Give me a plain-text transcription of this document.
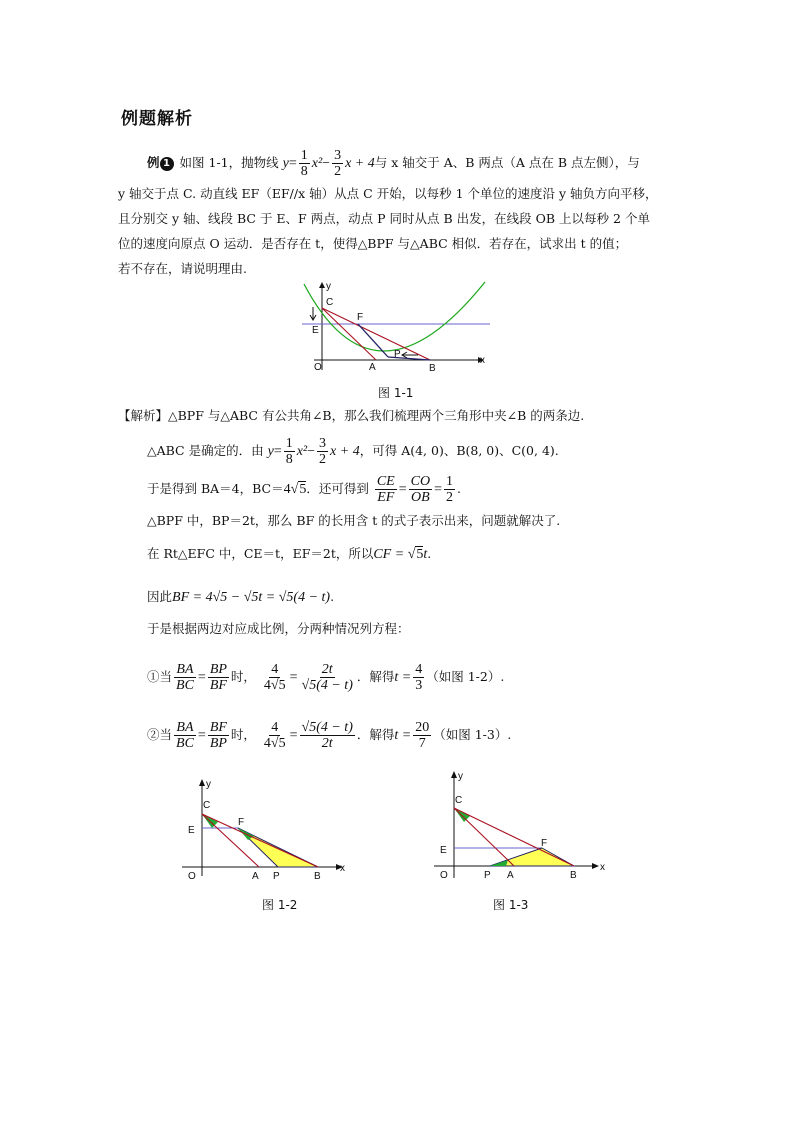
例题解析
例 1 如图 1-1，抛物线 $y= \frac{1}{8} x^2- \frac{3}{2}$ x + 4与 x 轴交于 A、B 两点（A 点在 B 点左侧），与
y 轴交于点 C. 动直线 EF（EF//x 轴）从点 C 开始，以每秒 1 个单位的速度沿 y 轴负方向平移，
且分别交 y 轴、线段 BC 于 E、F 两点，动点 P 同时从点 B 出发，在线段 OB 上以每秒 2 个单
位的速度向原点 O 运动．是否存在 t，使得△BPF 与△ABC 相似．若存在，试求出 t 的值；
若不存在，请说明理由.
y
C
F
E
P
O	A	B
x
图 1-1
【解析】△BPF 与△ABC 有公共角∠B，那么我们梳理两个三角形中夹∠B 的两条边.
△ABC 是确定的．由 $y= \frac{1}{8} x^2- \frac{3}{2}$ x + 4，可得 A(4, 0)、B(8, 0)、C(0, 4).
于是得到 BA＝4，BC＝4√5．还可得到 $\frac{CE}{EF} = \frac{CO}{OB} = \frac{1}{2}$ .
△BPF 中，BP＝2t，那么 BF 的长用含 t 的式子表示出来，问题就解决了.
在 Rt△EFC 中，CE＝t，EF＝2t，所以CF = √5t.
因此BF = 4√5 − √5t = √5(4 − t).
于是根据两边对应成比例，分两种情况列方程：
①当 $\frac{BA}{BC} = \frac{BP}{BF}$ 时， $\frac{4}{4√5} = \frac{2t}{√5(4 - t)}$ ．解得$t = \frac{4}{3}$ （如图 1-2）.
②当 $\frac{BA}{BC} = \frac{BF}{BP}$ 时， $\frac{4}{4√5} = \frac{√5(4 - t)}{2t}$ ．解得$t = \frac{20}{7}$ （如图 1-3）.
y
C
F
E
O	A P	B
x
图 1-2
y
C
F
E
O	P A	B
x
图 1-3
